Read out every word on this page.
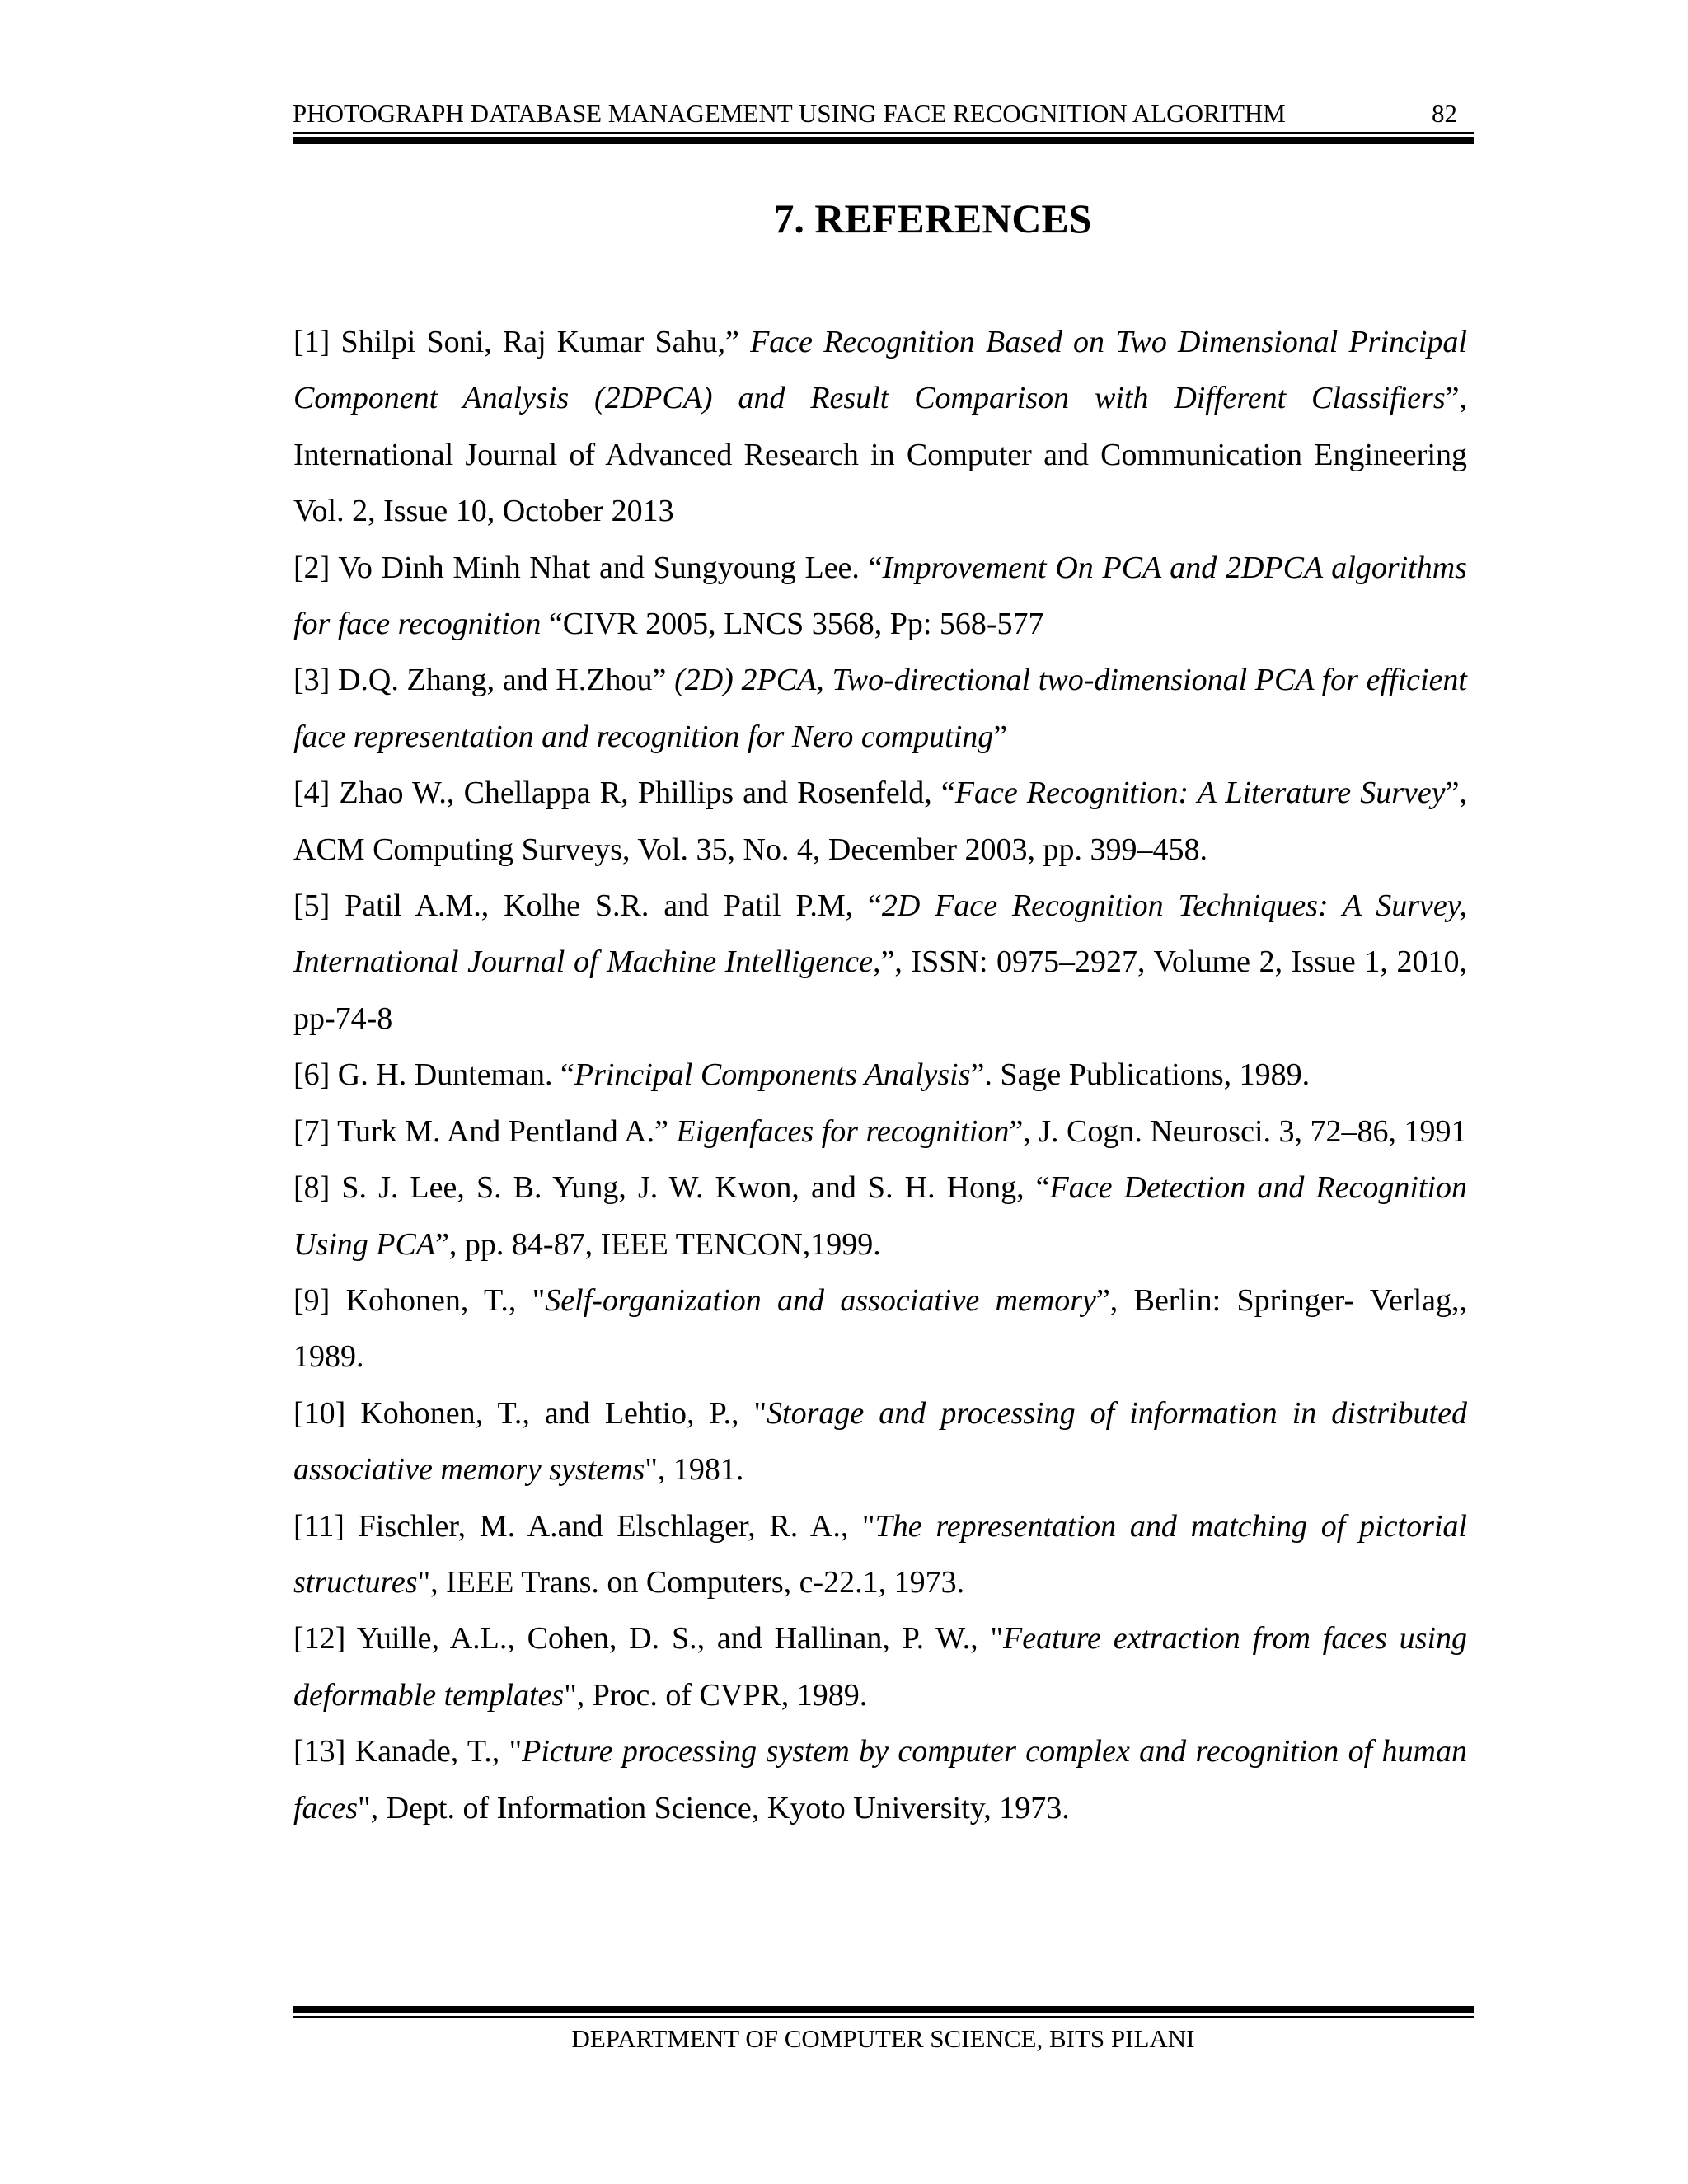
PHOTOGRAPH DATABASE MANAGEMENT USING FACE RECOGNITION ALGORITHM	82
7. REFERENCES

[1] Shilpi Soni, Raj Kumar Sahu,” Face Recognition Based on Two Dimensional Principal Component Analysis (2DPCA) and Result Comparison with Different Classifiers”, International Journal of Advanced Research in Computer and Communication Engineering Vol. 2, Issue 10, October 2013

[2] Vo Dinh Minh Nhat and Sungyoung Lee. “Improvement On PCA and 2DPCA algorithms for face recognition “CIVR 2005, LNCS 3568, Pp: 568-577

[3] D.Q. Zhang, and H.Zhou” (2D) 2PCA, Two-directional two-dimensional PCA for efficient face representation and recognition for Nero computing”

[4] Zhao W., Chellappa R, Phillips and Rosenfeld, “Face Recognition: A Literature Survey”, ACM Computing Surveys, Vol. 35, No. 4, December 2003, pp. 399–458.

[5] Patil A.M., Kolhe S.R. and Patil P.M, “2D Face Recognition Techniques: A Survey, International Journal of Machine Intelligence,”, ISSN: 0975–2927, Volume 2, Issue 1, 2010, pp-74-8

[6] G. H. Dunteman. “Principal Components Analysis”. Sage Publications, 1989.

[7] Turk M. And Pentland A.” Eigenfaces for recognition”, J. Cogn. Neurosci. 3, 72–86, 1991

[8] S. J. Lee, S. B. Yung, J. W. Kwon, and S. H. Hong, “Face Detection and Recognition Using PCA”, pp. 84-87, IEEE TENCON,1999.

[9] Kohonen, T., "Self-organization and associative memory”, Berlin: Springer- Verlag,, 1989.

[10] Kohonen, T., and Lehtio, P., "Storage and processing of information in distributed associative memory systems", 1981.

[11] Fischler, M. A.and Elschlager, R. A., "The representation and matching of pictorial structures", IEEE Trans. on Computers, c-22.1, 1973.

[12] Yuille, A.L., Cohen, D. S., and Hallinan, P. W., "Feature extraction from faces using deformable templates", Proc. of CVPR, 1989.

[13] Kanade, T., "Picture processing system by computer complex and recognition of human faces", Dept. of Information Science, Kyoto University, 1973.

DEPARTMENT OF COMPUTER SCIENCE, BITS PILANI
